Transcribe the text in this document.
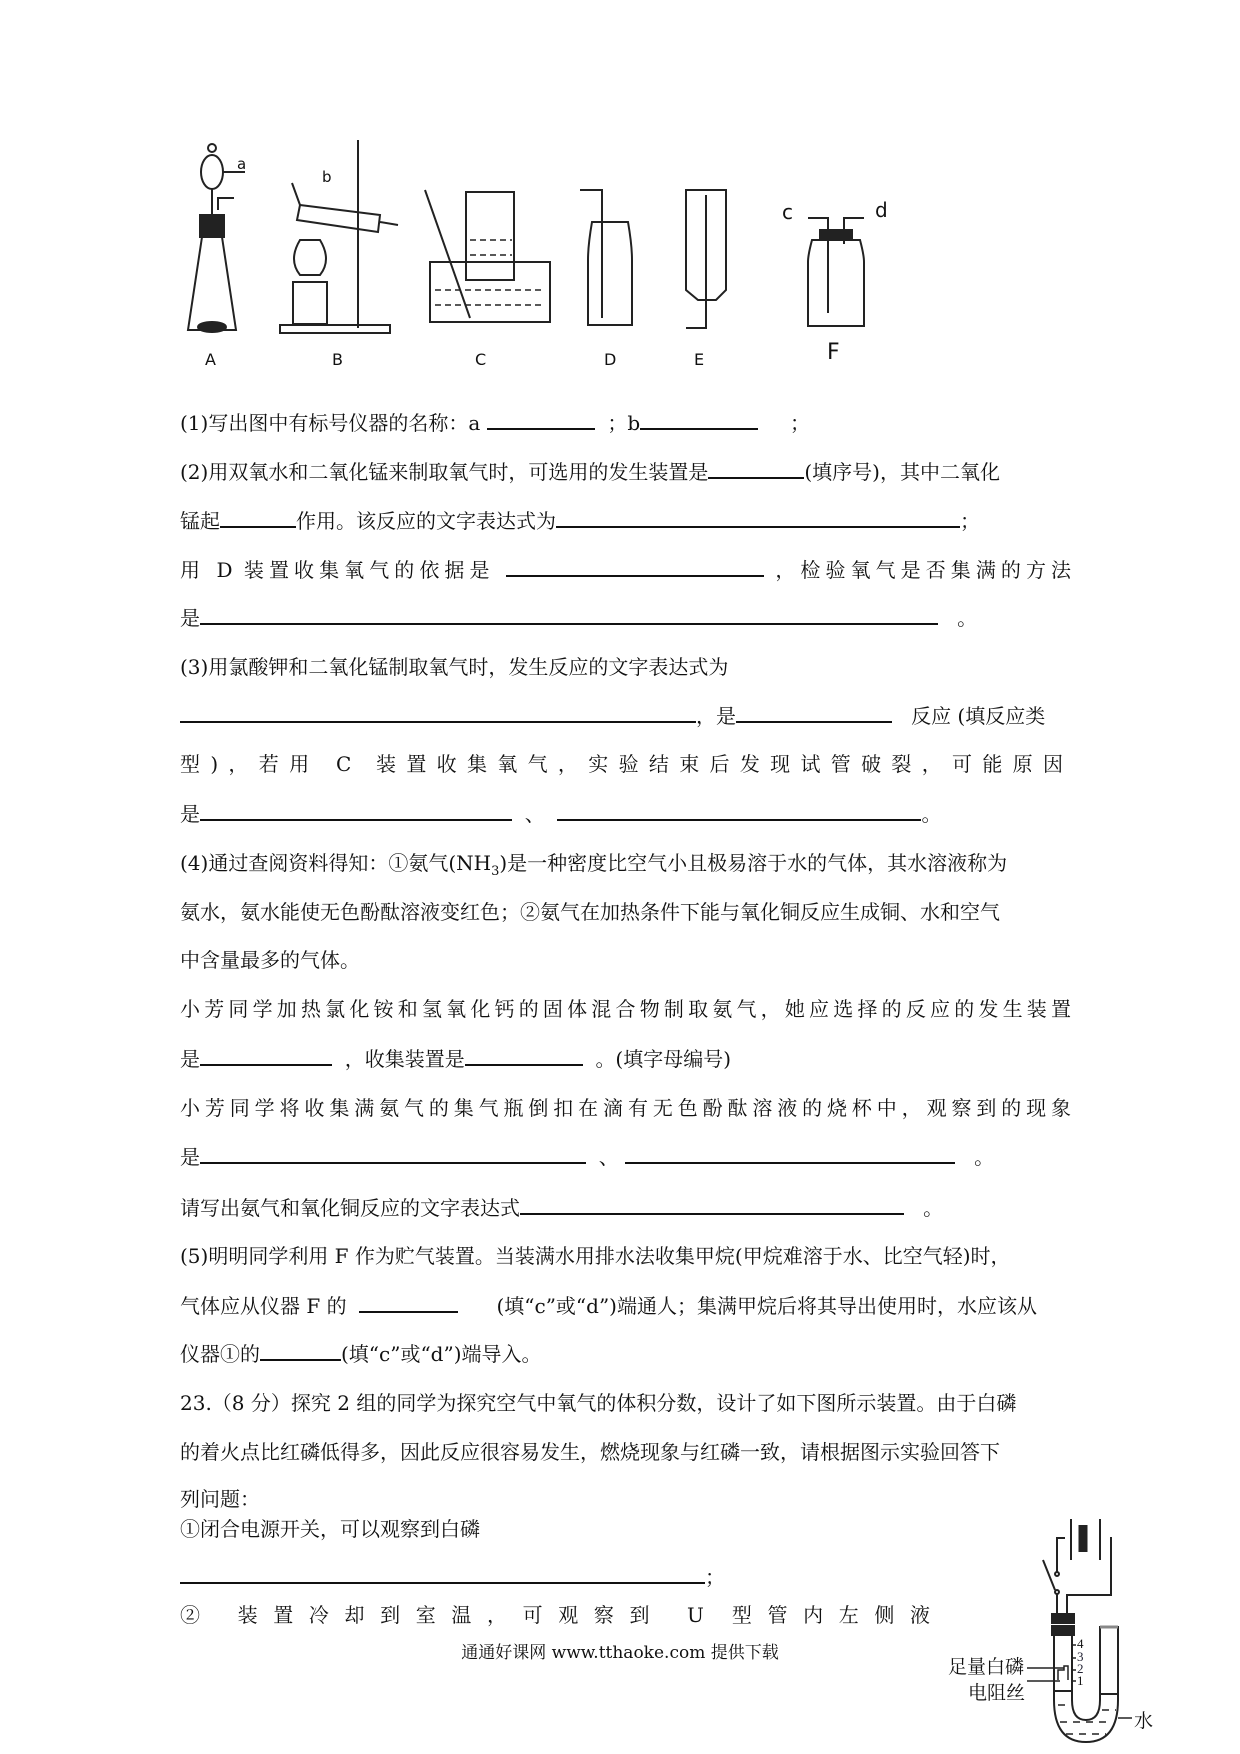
a
b
c	d
A	B	C	D	E	F
(1)写出图中有标号仪器的名称：a	；b	；
(2)用双氧水和二氧化锰来制取氧气时，可选用的发生装置是	(填序号)，其中二氧化
锰起	作用。该反应的文字表达式为	；
用 D 装置收集氧气的依据是	，检验氧气是否集满的方法
是	。
(3)用氯酸钾和二氧化锰制取氧气时，发生反应的文字表达式为
，是	反应 (填反应类
型)，若用 C 装置收集氧气，实验结束后发现试管破裂，可能原因
是	、	。
(4)通过查阅资料得知：①氨气$(NH_3)$是一种密度比空气小且极易溶于水的气体，其水溶液称为
氨水，氨水能使无色酚酞溶液变红色；②氨气在加热条件下能与氧化铜反应生成铜、水和空气
中含量最多的气体。
小芳同学加热氯化铵和氢氧化钙的固体混合物制取氨气，她应选择的反应的发生装置
是	，收集装置是	。(填字母编号)
小芳同学将收集满氨气的集气瓶倒扣在滴有无色酚酞溶液的烧杯中，观察到的现象
是	、	。
请写出氨气和氧化铜反应的文字表达式	。
(5)明明同学利用 F 作为贮气装置。当装满水用排水法收集甲烷(甲烷难溶于水、比空气轻)时，
气体应从仪器 F 的	(填“c”或“d”)端通人；集满甲烷后将其导出使用时，水应该从
仪器①的	(填“c”或“d”)端导入。
23.（8 分）探究 2 组的同学为探究空气中氧气的体积分数，设计了如下图所示装置。由于白磷
的着火点比红磷低得多，因此反应很容易发生，燃烧现象与红磷一致，请根据图示实验回答下
列问题：
①闭合电源开关，可以观察到白磷
；
② 装置冷却到室温，可观察到 U 型管内左侧液
4
3
2
1
足量白磷
电阻丝
水
通通好课网 www.tthaoke.com 提供下载
